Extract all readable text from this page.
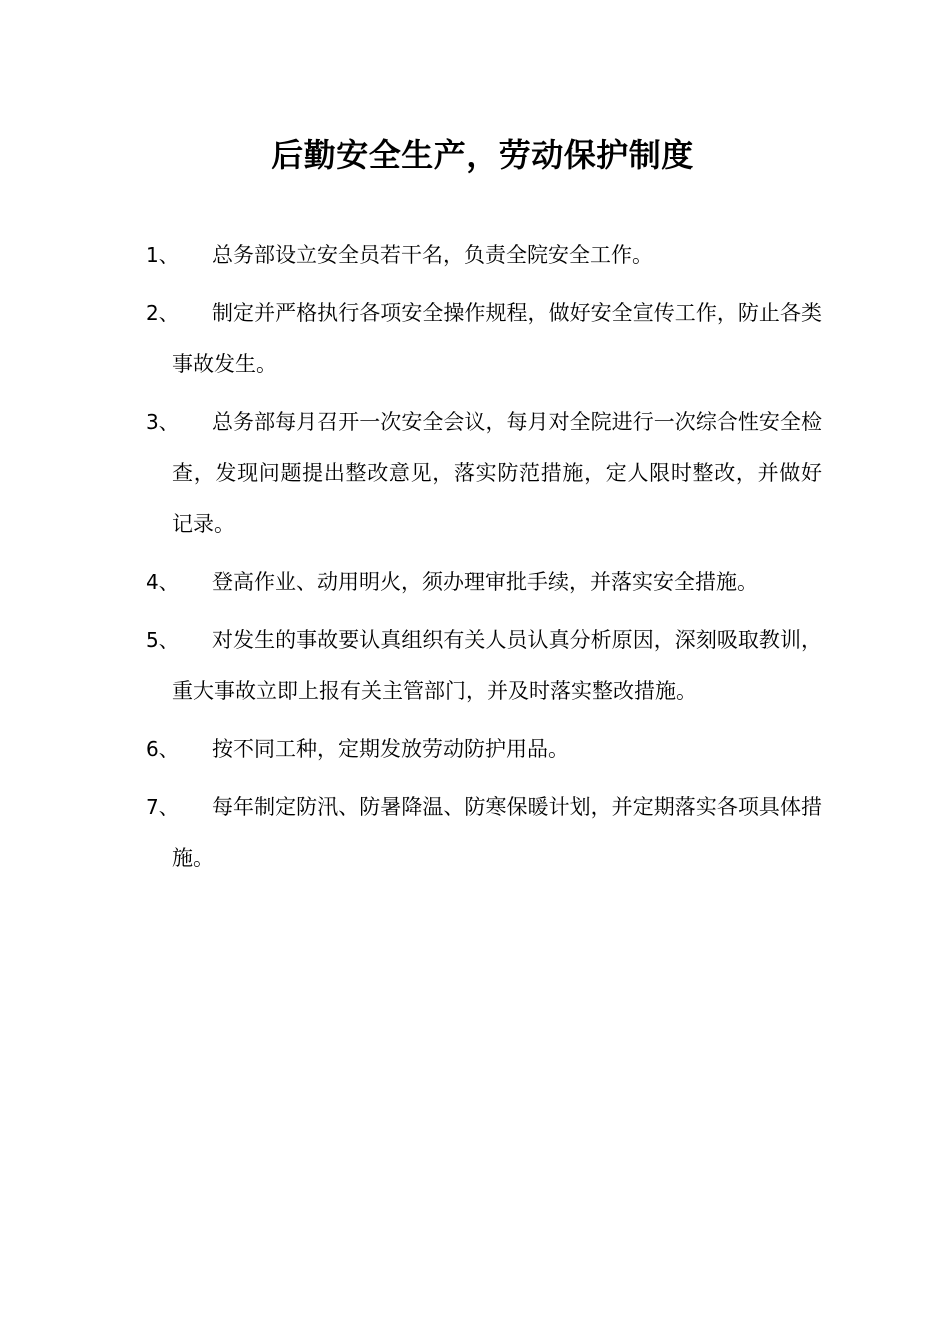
后勤安全生产，劳动保护制度
1、	总务部设立安全员若干名，负责全院安全工作。
2、	制定并严格执行各项安全操作规程，做好安全宣传工作，防止各类事故发生。
3、	总务部每月召开一次安全会议，每月对全院进行一次综合性安全检查，发现问题提出整改意见，落实防范措施，定人限时整改，并做好记录。
4、	登高作业、动用明火，须办理审批手续，并落实安全措施。
5、	对发生的事故要认真组织有关人员认真分析原因，深刻吸取教训，重大事故立即上报有关主管部门，并及时落实整改措施。
6、	按不同工种，定期发放劳动防护用品。
7、	每年制定防汛、防暑降温、防寒保暖计划，并定期落实各项具体措施。
